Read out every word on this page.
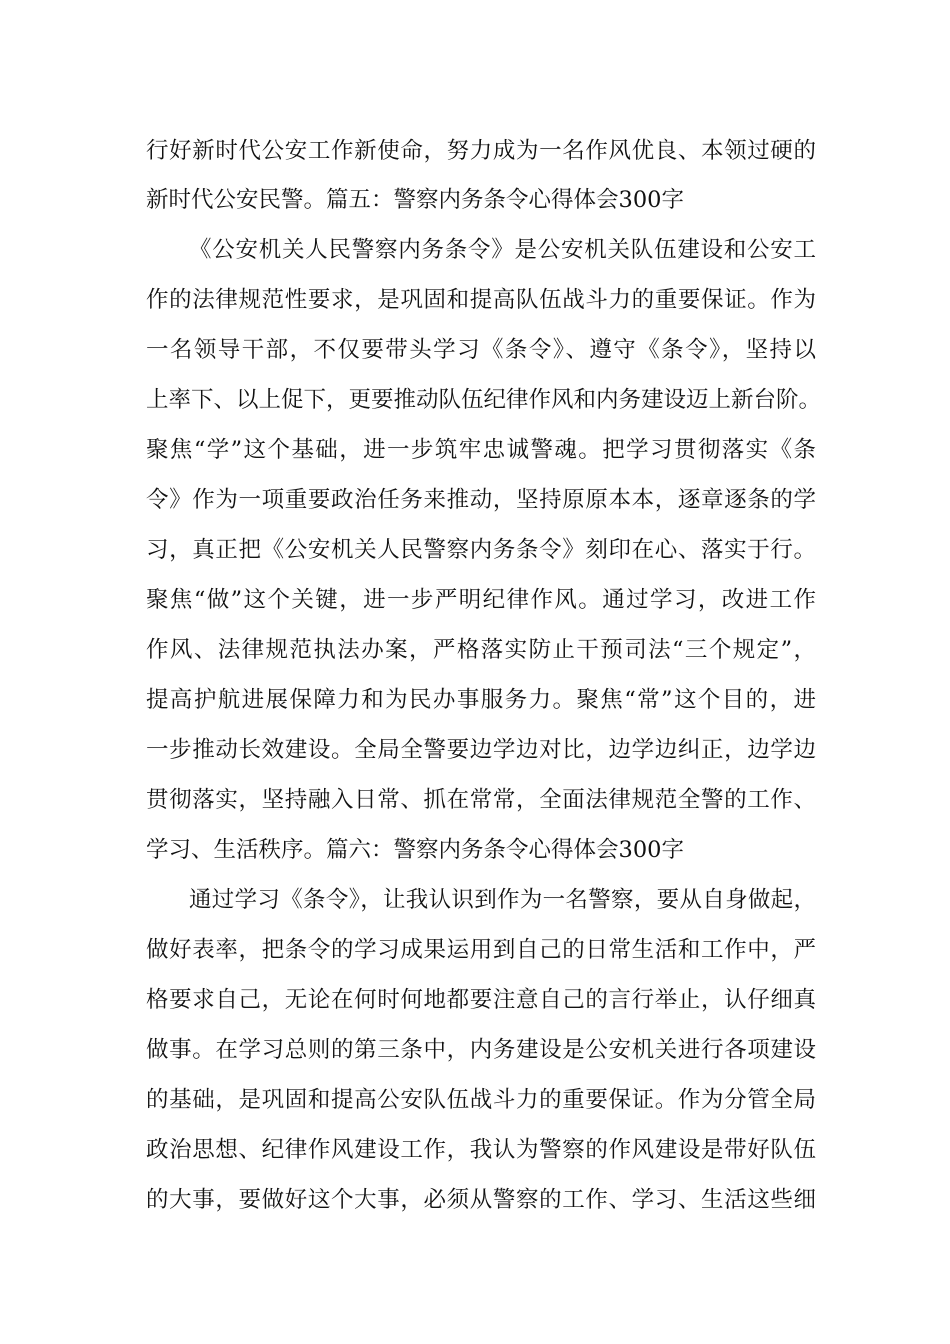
行好新时代公安工作新使命，努力成为一名作风优良、本领过硬的
新时代公安民警。篇五：警察内务条令心得体会300字
《公安机关人民警察内务条令》是公安机关队伍建设和公安工
作的法律规范性要求，是巩固和提高队伍战斗力的重要保证。作为
一名领导干部，不仅要带头学习《条令》、遵守《条令》，坚持以
上率下、以上促下，更要推动队伍纪律作风和内务建设迈上新台阶。
聚焦“学”这个基础，进一步筑牢忠诚警魂。把学习贯彻落实《条
令》作为一项重要政治任务来推动，坚持原原本本，逐章逐条的学
习，真正把《公安机关人民警察内务条令》刻印在心、落实于行。
聚焦“做”这个关键，进一步严明纪律作风。通过学习，改进工作
作风、法律规范执法办案，严格落实防止干预司法“三个规定”，
提高护航进展保障力和为民办事服务力。聚焦“常”这个目的，进
一步推动长效建设。全局全警要边学边对比，边学边纠正，边学边
贯彻落实，坚持融入日常、抓在常常，全面法律规范全警的工作、
学习、生活秩序。篇六：警察内务条令心得体会300字
通过学习《条令》，让我认识到作为一名警察，要从自身做起，
做好表率，把条令的学习成果运用到自己的日常生活和工作中，严
格要求自己，无论在何时何地都要注意自己的言行举止，认仔细真
做事。在学习总则的第三条中，内务建设是公安机关进行各项建设
的基础，是巩固和提高公安队伍战斗力的重要保证。作为分管全局
政治思想、纪律作风建设工作，我认为警察的作风建设是带好队伍
的大事，要做好这个大事，必须从警察的工作、学习、生活这些细
